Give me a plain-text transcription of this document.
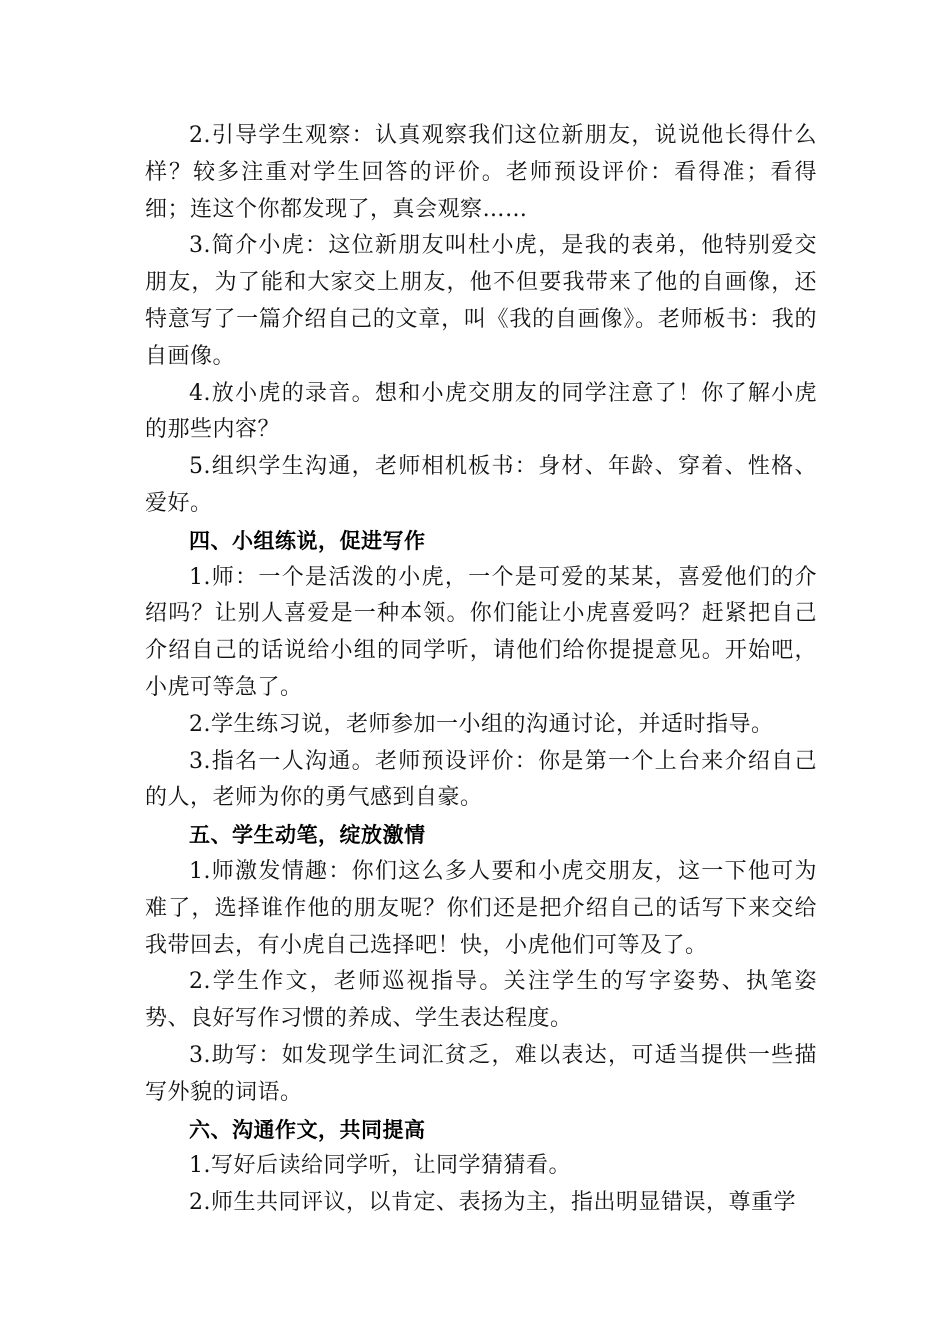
2.引导学生观察：认真观察我们这位新朋友，说说他长得什么样？较多注重对学生回答的评价。老师预设评价：看得准；看得细；连这个你都发现了，真会观察……

3.简介小虎：这位新朋友叫杜小虎，是我的表弟，他特别爱交朋友，为了能和大家交上朋友，他不但要我带来了他的自画像，还特意写了一篇介绍自己的文章，叫《我的自画像》。老师板书：我的自画像。

4.放小虎的录音。想和小虎交朋友的同学注意了！你了解小虎的那些内容？

5.组织学生沟通，老师相机板书：身材、年龄、穿着、性格、爱好。

四、小组练说，促进写作

1.师：一个是活泼的小虎，一个是可爱的某某，喜爱他们的介绍吗？让别人喜爱是一种本领。你们能让小虎喜爱吗？赶紧把自己介绍自己的话说给小组的同学听，请他们给你提提意见。开始吧，小虎可等急了。

2.学生练习说，老师参加一小组的沟通讨论，并适时指导。

3.指名一人沟通。老师预设评价：你是第一个上台来介绍自己的人，老师为你的勇气感到自豪。

五、学生动笔，绽放激情

1.师激发情趣：你们这么多人要和小虎交朋友，这一下他可为难了，选择谁作他的朋友呢？你们还是把介绍自己的话写下来交给我带回去，有小虎自己选择吧！快，小虎他们可等及了。

2.学生作文，老师巡视指导。关注学生的写字姿势、执笔姿势、良好写作习惯的养成、学生表达程度。

3.助写：如发现学生词汇贫乏，难以表达，可适当提供一些描写外貌的词语。

六、沟通作文，共同提高

1.写好后读给同学听，让同学猜猜看。

2.师生共同评议，以肯定、表扬为主，指出明显错误，尊重学
